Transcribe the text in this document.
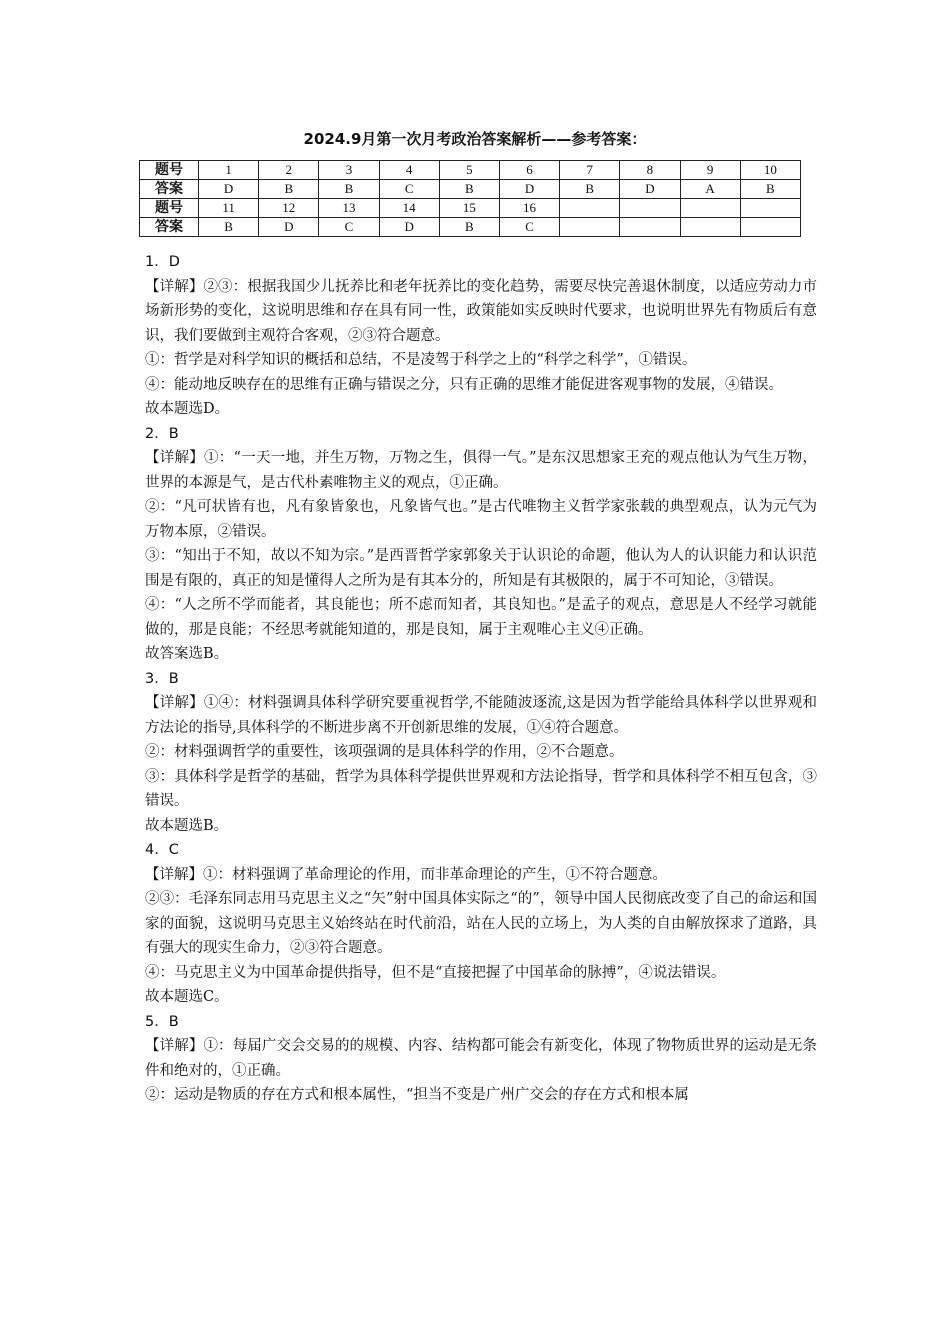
2024.9月第一次月考政治答案解析——参考答案：
题号	1	2	3	4	5	6	7	8	9	10
答案	D	B	B	C	B	D	B	D	A	B
题号	11	12	13	14	15	16				
答案	B	D	C	D	B	C				

1．D

【详解】②③：根据我国少儿抚养比和老年抚养比的变化趋势，需要尽快完善退休制度，以适应劳动力市场新形势的变化，这说明思维和存在具有同一性，政策能如实反映时代要求，也说明世界先有物质后有意识，我们要做到主观符合客观，②③符合题意。

①：哲学是对科学知识的概括和总结，不是凌驾于科学之上的“科学之科学”，①错误。

④：能动地反映存在的思维有正确与错误之分，只有正确的思维才能促进客观事物的发展，④错误。

故本题选D。

2．B

【详解】①：“一天一地，并生万物，万物之生，俱得一气。”是东汉思想家王充的观点他认为气生万物，世界的本源是气，是古代朴素唯物主义的观点，①正确。

②：“凡可状皆有也，凡有象皆象也，凡象皆气也。”是古代唯物主义哲学家张载的典型观点，认为元气为万物本原，②错误。

③：“知出于不知，故以不知为宗。”是西晋哲学家郭象关于认识论的命题，他认为人的认识能力和认识范围是有限的，真正的知是懂得人之所为是有其本分的，所知是有其极限的，属于不可知论，③错误。

④：“人之所不学而能者，其良能也；所不虑而知者，其良知也。”是孟子的观点，意思是人不经学习就能做的，那是良能；不经思考就能知道的，那是良知，属于主观唯心主义④正确。

故答案选B。

3．B

【详解】①④：材料强调具体科学研究要重视哲学,不能随波逐流,这是因为哲学能给具体科学以世界观和方法论的指导,具体科学的不断进步离不开创新思维的发展，①④符合题意。

②：材料强调哲学的重要性，该项强调的是具体科学的作用，②不合题意。

③：具体科学是哲学的基础，哲学为具体科学提供世界观和方法论指导，哲学和具体科学不相互包含，③错误。

故本题选B。

4．C

【详解】①：材料强调了革命理论的作用，而非革命理论的产生，①不符合题意。

②③：毛泽东同志用马克思主义之“矢”射中国具体实际之“的”，领导中国人民彻底改变了自己的命运和国家的面貌，这说明马克思主义始终站在时代前沿，站在人民的立场上，为人类的自由解放探求了道路，具有强大的现实生命力，②③符合题意。

④：马克思主义为中国革命提供指导，但不是“直接把握了中国革命的脉搏”，④说法错误。

故本题选C。

5．B

【详解】①：每届广交会交易的的规模、内容、结构都可能会有新变化，体现了物物质世界的运动是无条件和绝对的，①正确。

②：运动是物质的存在方式和根本属性，“担当不变是广州广交会的存在方式和根本属
